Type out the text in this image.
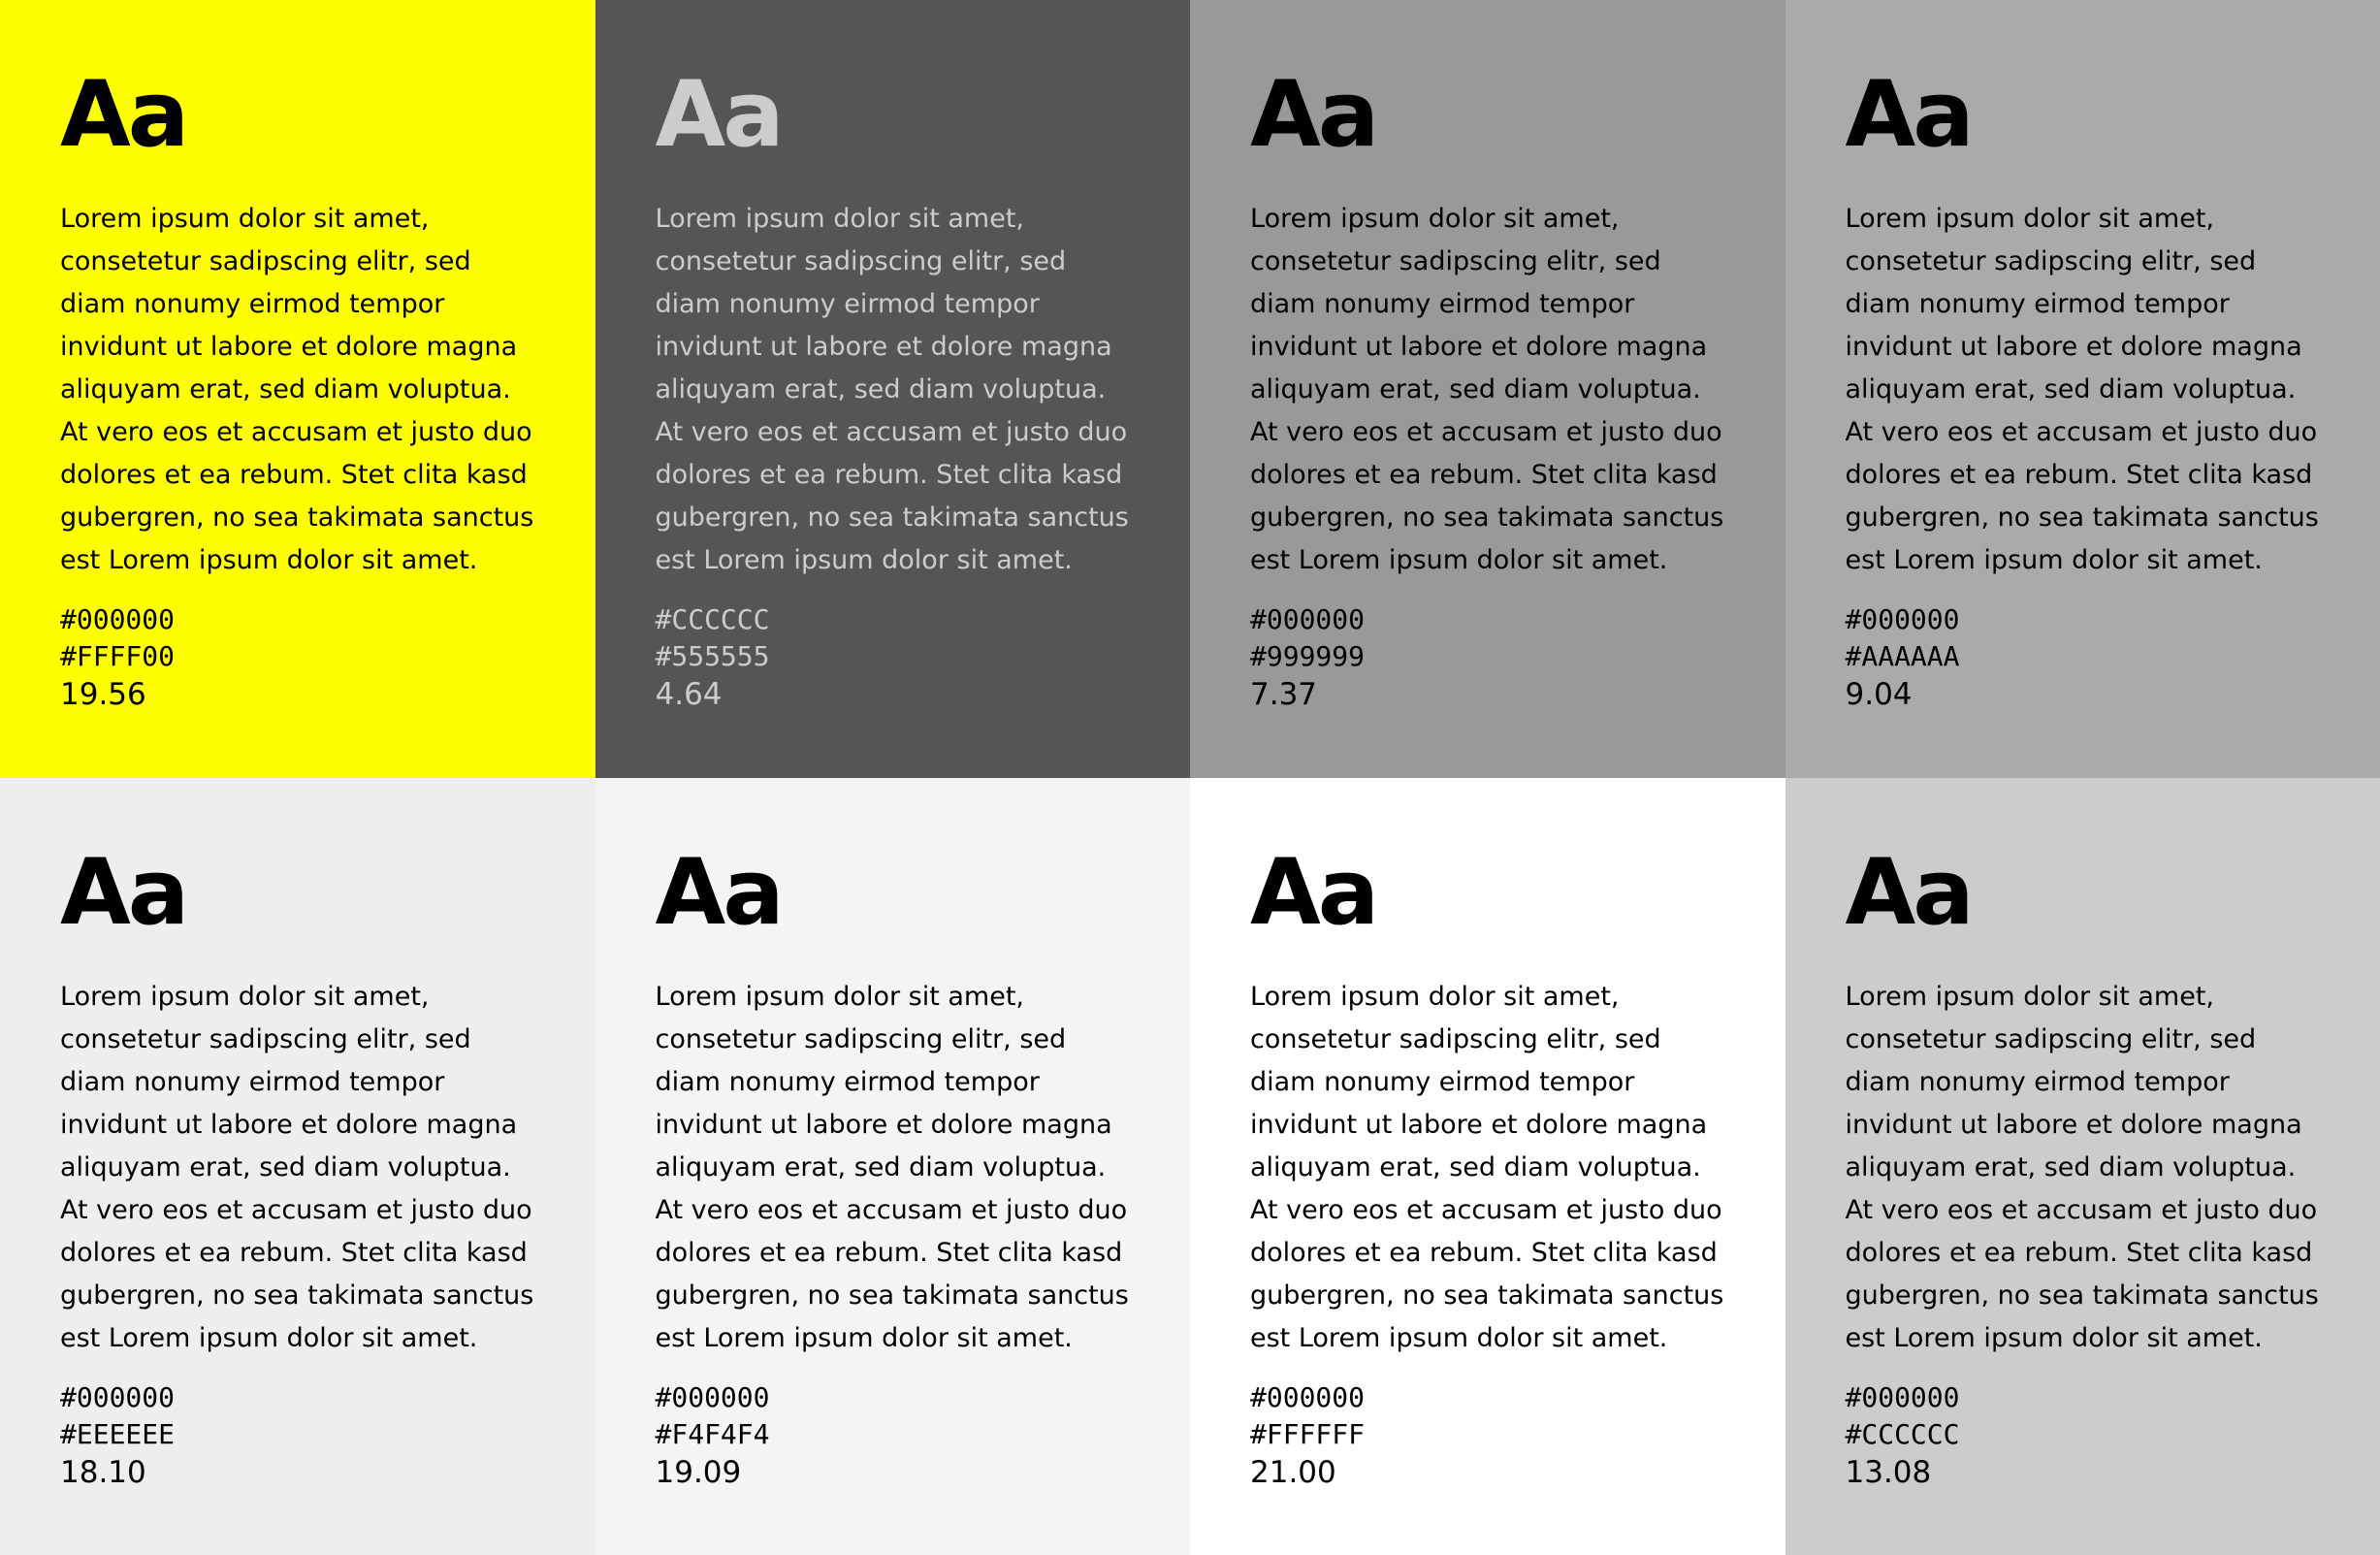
Aa

Lorem ipsum dolor sit amet, consetetur sadipscing elitr, sed diam nonumy eirmod tempor invidunt ut labore et dolore magna aliquyam erat, sed diam voluptua. At vero eos et accusam et justo duo dolores et ea rebum. Stet clita kasd gubergren, no sea takimata sanctus est Lorem ipsum dolor sit amet.

#000000

#FFFF00

19.56

Aa

Lorem ipsum dolor sit amet, consetetur sadipscing elitr, sed diam nonumy eirmod tempor invidunt ut labore et dolore magna aliquyam erat, sed diam voluptua. At vero eos et accusam et justo duo dolores et ea rebum. Stet clita kasd gubergren, no sea takimata sanctus est Lorem ipsum dolor sit amet.

#CCCCCC

#555555

4.64

Aa

Lorem ipsum dolor sit amet, consetetur sadipscing elitr, sed diam nonumy eirmod tempor invidunt ut labore et dolore magna aliquyam erat, sed diam voluptua. At vero eos et accusam et justo duo dolores et ea rebum. Stet clita kasd gubergren, no sea takimata sanctus est Lorem ipsum dolor sit amet.

#000000

#999999

7.37

Aa

Lorem ipsum dolor sit amet, consetetur sadipscing elitr, sed diam nonumy eirmod tempor invidunt ut labore et dolore magna aliquyam erat, sed diam voluptua. At vero eos et accusam et justo duo dolores et ea rebum. Stet clita kasd gubergren, no sea takimata sanctus est Lorem ipsum dolor sit amet.

#000000

#AAAAAA

9.04

Aa

Lorem ipsum dolor sit amet, consetetur sadipscing elitr, sed diam nonumy eirmod tempor invidunt ut labore et dolore magna aliquyam erat, sed diam voluptua. At vero eos et accusam et justo duo dolores et ea rebum. Stet clita kasd gubergren, no sea takimata sanctus est Lorem ipsum dolor sit amet.

#000000

#EEEEEE

18.10

Aa

Lorem ipsum dolor sit amet, consetetur sadipscing elitr, sed diam nonumy eirmod tempor invidunt ut labore et dolore magna aliquyam erat, sed diam voluptua. At vero eos et accusam et justo duo dolores et ea rebum. Stet clita kasd gubergren, no sea takimata sanctus est Lorem ipsum dolor sit amet.

#000000

#F4F4F4

19.09

Aa

Lorem ipsum dolor sit amet, consetetur sadipscing elitr, sed diam nonumy eirmod tempor invidunt ut labore et dolore magna aliquyam erat, sed diam voluptua. At vero eos et accusam et justo duo dolores et ea rebum. Stet clita kasd gubergren, no sea takimata sanctus est Lorem ipsum dolor sit amet.

#000000

#FFFFFF

21.00

Aa

Lorem ipsum dolor sit amet, consetetur sadipscing elitr, sed diam nonumy eirmod tempor invidunt ut labore et dolore magna aliquyam erat, sed diam voluptua. At vero eos et accusam et justo duo dolores et ea rebum. Stet clita kasd gubergren, no sea takimata sanctus est Lorem ipsum dolor sit amet.

#000000

#CCCCCC

13.08
